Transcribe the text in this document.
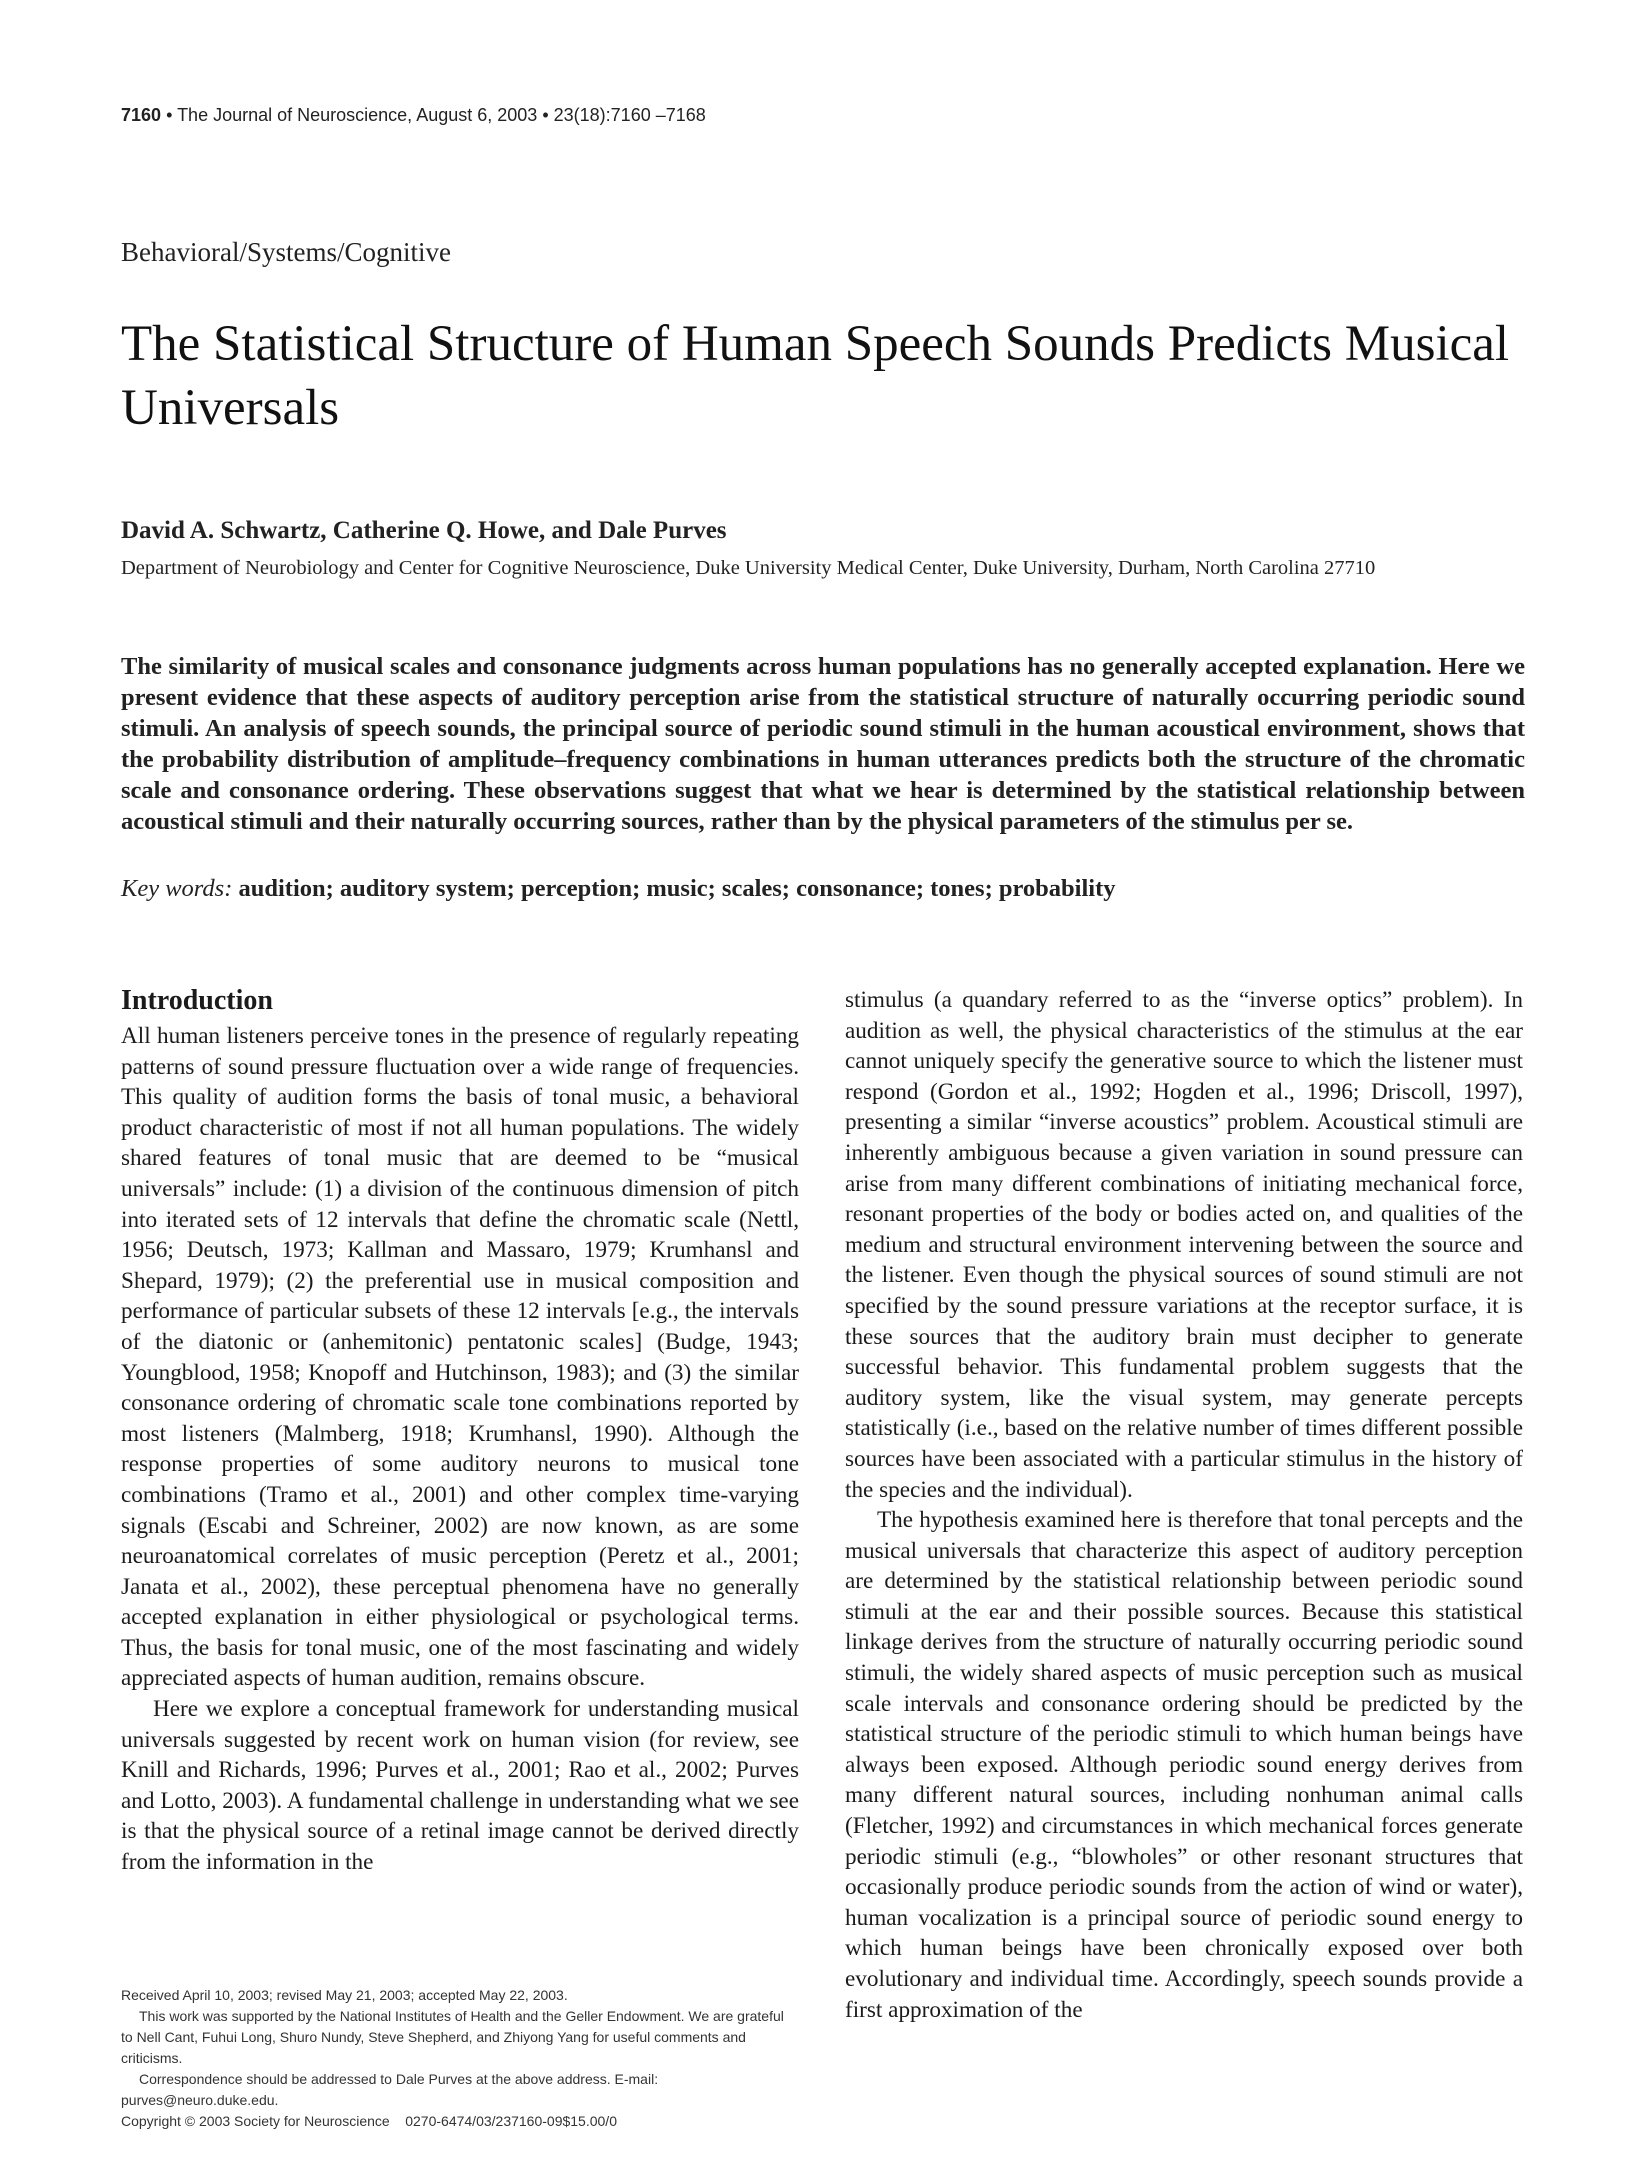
7160 • The Journal of Neuroscience, August 6, 2003 • 23(18):7160 –7168
Behavioral/Systems/Cognitive
The Statistical Structure of Human Speech Sounds Predicts Musical Universals
David A. Schwartz, Catherine Q. Howe, and Dale Purves
Department of Neurobiology and Center for Cognitive Neuroscience, Duke University Medical Center, Duke University, Durham, North Carolina 27710

The similarity of musical scales and consonance judgments across human populations has no generally accepted explanation. Here we present evidence that these aspects of auditory perception arise from the statistical structure of naturally occurring periodic sound stimuli. An analysis of speech sounds, the principal source of periodic sound stimuli in the human acoustical environment, shows that the probability distribution of amplitude–frequency combinations in human utterances predicts both the structure of the chromatic scale and consonance ordering. These observations suggest that what we hear is determined by the statistical relationship between acoustical stimuli and their naturally occurring sources, rather than by the physical parameters of the stimulus per se.

Key words: audition; auditory system; perception; music; scales; consonance; tones; probability
Introduction

All human listeners perceive tones in the presence of regularly repeating patterns of sound pressure fluctuation over a wide range of frequencies. This quality of audition forms the basis of tonal music, a behavioral product characteristic of most if not all human populations. The widely shared features of tonal music that are deemed to be “musical universals” include: (1) a division of the continuous dimension of pitch into iterated sets of 12 intervals that define the chromatic scale (Nettl, 1956; Deutsch, 1973; Kallman and Massaro, 1979; Krumhansl and Shepard, 1979); (2) the preferential use in musical composition and performance of particular subsets of these 12 intervals [e.g., the intervals of the diatonic or (anhemitonic) pentatonic scales] (Budge, 1943; Youngblood, 1958; Knopoff and Hutchinson, 1983); and (3) the similar consonance ordering of chromatic scale tone combinations reported by most listeners (Malmberg, 1918; Krumhansl, 1990). Although the response properties of some auditory neurons to musical tone combinations (Tramo et al., 2001) and other complex time-varying signals (Escabi and Schreiner, 2002) are now known, as are some neuroanatomical correlates of music perception (Peretz et al., 2001; Janata et al., 2002), these perceptual phenomena have no generally accepted explanation in either physiological or psychological terms. Thus, the basis for tonal music, one of the most fascinating and widely appreciated aspects of human audition, remains obscure.

Here we explore a conceptual framework for understanding musical universals suggested by recent work on human vision (for review, see Knill and Richards, 1996; Purves et al., 2001; Rao et al., 2002; Purves and Lotto, 2003). A fundamental challenge in understanding what we see is that the physical source of a retinal image cannot be derived directly from the information in the

stimulus (a quandary referred to as the “inverse optics” problem). In audition as well, the physical characteristics of the stimulus at the ear cannot uniquely specify the generative source to which the listener must respond (Gordon et al., 1992; Hogden et al., 1996; Driscoll, 1997), presenting a similar “inverse acoustics” problem. Acoustical stimuli are inherently ambiguous because a given variation in sound pressure can arise from many different combinations of initiating mechanical force, resonant properties of the body or bodies acted on, and qualities of the medium and structural environment intervening between the source and the listener. Even though the physical sources of sound stimuli are not specified by the sound pressure variations at the receptor surface, it is these sources that the auditory brain must decipher to generate successful behavior. This fundamental problem suggests that the auditory system, like the visual system, may generate percepts statistically (i.e., based on the relative number of times different possible sources have been associated with a particular stimulus in the history of the species and the individual).

The hypothesis examined here is therefore that tonal percepts and the musical universals that characterize this aspect of auditory perception are determined by the statistical relationship between periodic sound stimuli at the ear and their possible sources. Because this statistical linkage derives from the structure of naturally occurring periodic sound stimuli, the widely shared aspects of music perception such as musical scale intervals and consonance ordering should be predicted by the statistical structure of the periodic stimuli to which human beings have always been exposed. Although periodic sound energy derives from many different natural sources, including nonhuman animal calls (Fletcher, 1992) and circumstances in which mechanical forces generate periodic stimuli (e.g., “blowholes” or other resonant structures that occasionally produce periodic sounds from the action of wind or water), human vocalization is a principal source of periodic sound energy to which human beings have been chronically exposed over both evolutionary and individual time. Accordingly, speech sounds provide a first approximation of the

Received April 10, 2003; revised May 21, 2003; accepted May 22, 2003.
This work was supported by the National Institutes of Health and the Geller Endowment. We are grateful to Nell Cant, Fuhui Long, Shuro Nundy, Steve Shepherd, and Zhiyong Yang for useful comments and criticisms.
Correspondence should be addressed to Dale Purves at the above address. E-mail: purves@neuro.duke.edu.
Copyright © 2003 Society for Neuroscience    0270-6474/03/237160-09$15.00/0
